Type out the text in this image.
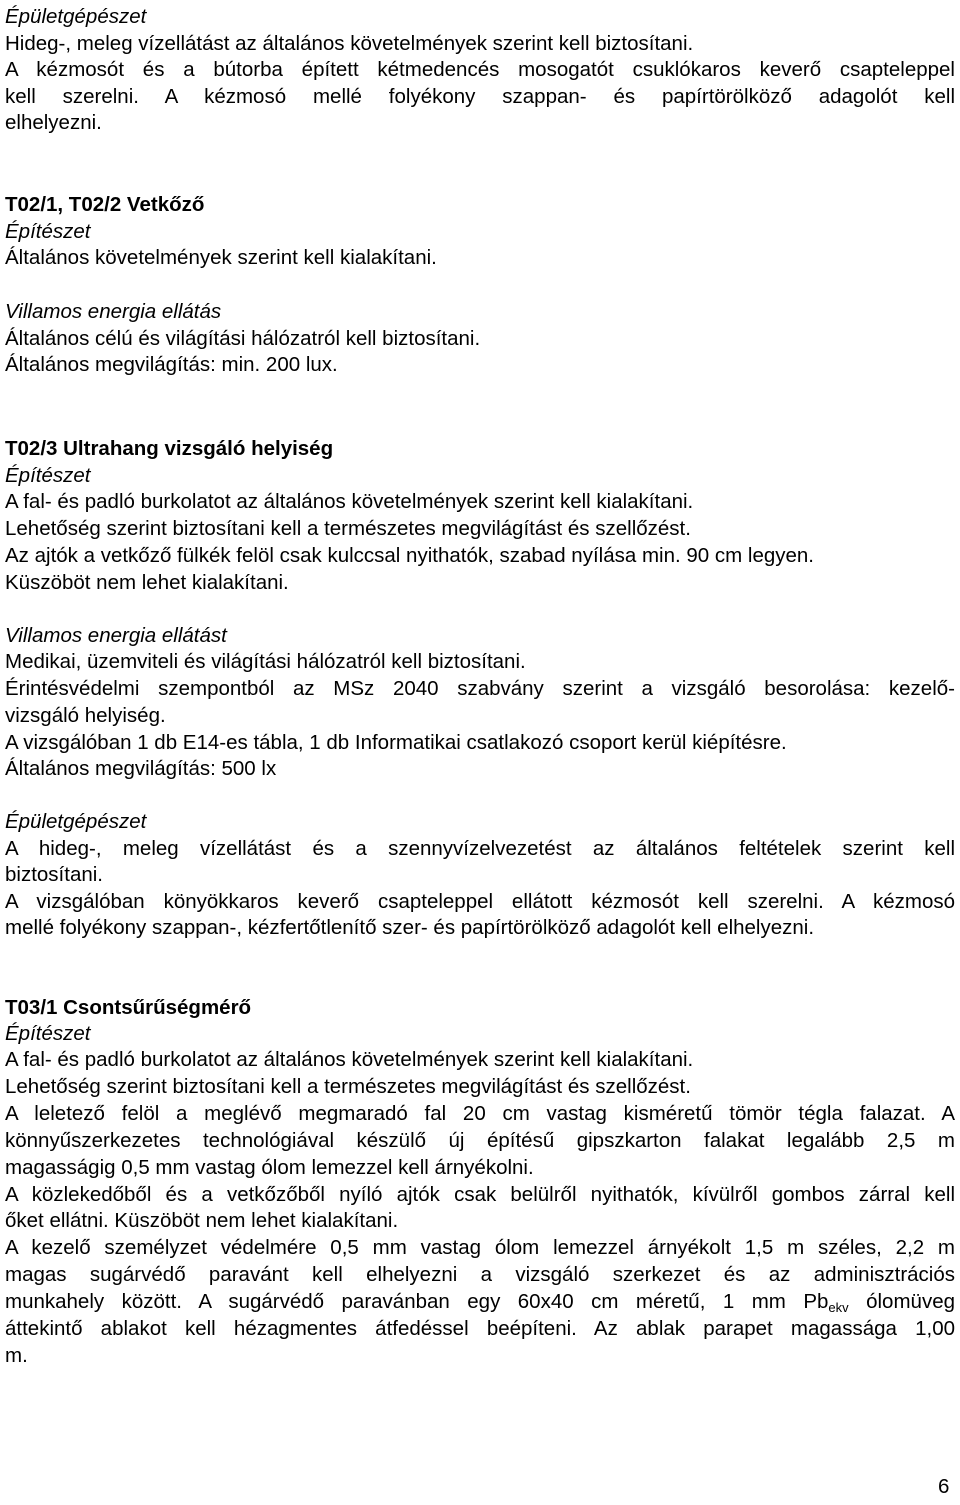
Épületgépészet
Hideg-, meleg vízellátást az általános követelmények szerint kell biztosítani.
A kézmosót és a bútorba épített kétmedencés mosogatót csuklókaros keverő csapteleppel
kell szerelni. A kézmosó mellé folyékony szappan- és papírtörölköző adagolót kell
elhelyezni.
T02/1, T02/2 Vetkőző
Építészet
Általános követelmények szerint kell kialakítani.
Villamos energia ellátás
Általános célú és világítási hálózatról kell biztosítani.
Általános megvilágítás: min. 200 lux.
T02/3 Ultrahang vizsgáló helyiség
Építészet
A fal- és padló burkolatot az általános követelmények szerint kell kialakítani.
Lehetőség szerint biztosítani kell a természetes megvilágítást és szellőzést.
Az ajtók a vetkőző fülkék felöl csak kulccsal nyithatók, szabad nyílása min. 90 cm legyen.
Küszöböt nem lehet kialakítani.
Villamos energia ellátást
Medikai, üzemviteli és világítási hálózatról kell biztosítani.
Érintésvédelmi szempontból az MSz 2040 szabvány szerint a vizsgáló besorolása: kezelő-
vizsgáló helyiség.
A vizsgálóban 1 db E14-es tábla, 1 db Informatikai csatlakozó csoport kerül kiépítésre.
Általános megvilágítás: 500 lx
Épületgépészet
A hideg-, meleg vízellátást és a szennyvízelvezetést az általános feltételek szerint kell
biztosítani.
A vizsgálóban könyökkaros keverő csapteleppel ellátott kézmosót kell szerelni. A kézmosó
mellé folyékony szappan-, kézfertőtlenítő szer- és papírtörölköző adagolót kell elhelyezni.
T03/1 Csontsűrűségmérő
Építészet
A fal- és padló burkolatot az általános követelmények szerint kell kialakítani.
Lehetőség szerint biztosítani kell a természetes megvilágítást és szellőzést.
A leletező felöl a meglévő megmaradó fal 20 cm vastag kisméretű tömör tégla falazat. A
könnyűszerkezetes technológiával készülő új építésű gipszkarton falakat legalább 2,5 m
magasságig 0,5 mm vastag ólom lemezzel kell árnyékolni.
A közlekedőből és a vetkőzőből nyíló ajtók csak belülről nyithatók, kívülről gombos zárral kell
őket ellátni. Küszöböt nem lehet kialakítani.
A kezelő személyzet védelmére 0,5 mm vastag ólom lemezzel árnyékolt 1,5 m széles, 2,2 m
magas sugárvédő paravánt kell elhelyezni a vizsgáló szerkezet és az adminisztrációs
munkahely között. A sugárvédő paravánban egy 60x40 cm méretű, 1 mm $Pb_{ekv}$ ólomüveg
áttekintő ablakot kell hézagmentes átfedéssel beépíteni. Az ablak parapet magassága 1,00
m.
6
